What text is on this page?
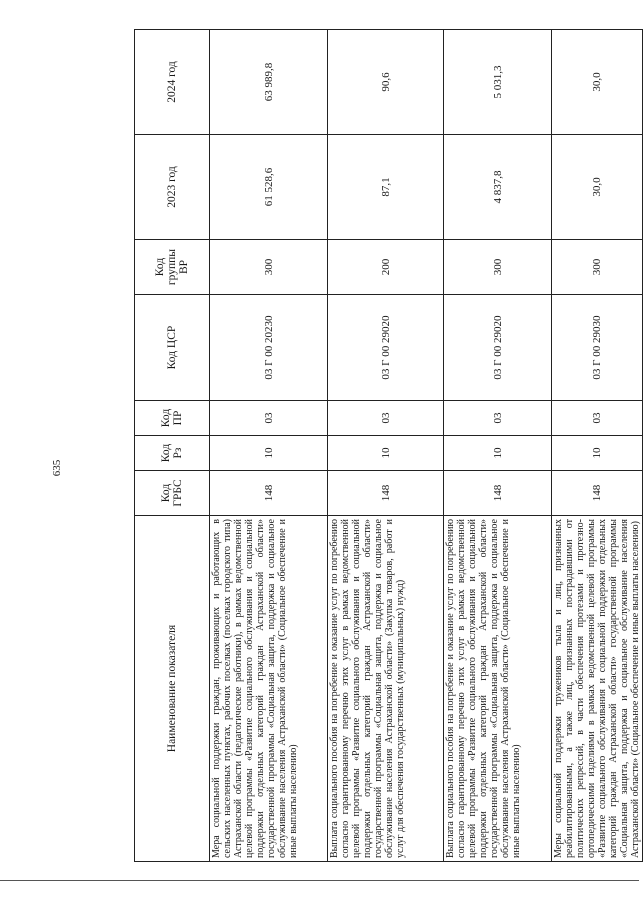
635
Наименование показателя	Код ГРБС	Код Рз	Код ПР	Код ЦСР	Код группы ВР	2023 год	2024 год
Мера социальной поддержки граждан, проживающих и работающих в сельских населенных пунктах, рабочих поселках (поселках городского типа) Астраханской области (педагогические работники), в рамках ведомственной целевой программы «Развитие социального обслуживания и социальной поддержки отдельных категорий граждан Астраханской области» государственной программы «Социальная защита, поддержка и социальное обслуживание населения Астраханской области» (Социальное обеспечение и иные выплаты населению)	148	10	03	03 Г 00 20230	300	61 528,6	63 989,8
Выплата социального пособия на погребение и оказание услуг по погребению согласно гарантированному перечню этих услуг в рамках ведомственной целевой программы «Развитие социального обслуживания и социальной поддержки отдельных категорий граждан Астраханской области» государственной программы «Социальная защита, поддержка и социальное обслуживание населения Астраханской области» (Закупка товаров, работ и услуг для обеспечения государственных (муниципальных) нужд)	148	10	03	03 Г 00 29020	200	87,1	90,6
Выплата социального пособия на погребение и оказание услуг по погребению согласно гарантированному перечню этих услуг в рамках ведомственной целевой программы «Развитие социального обслуживания и социальной поддержки отдельных категорий граждан Астраханской области» государственной программы «Социальная защита, поддержка и социальное обслуживание населения Астраханской области» (Социальное обеспечение и иные выплаты населению)	148	10	03	03 Г 00 29020	300	4 837,8	5 031,3
Меры социальной поддержки тружеников тыла и лиц, признанных реабилитированными, а также лиц, признанных пострадавшими от политических репрессий, в части обеспечения протезами и протезно-ортопедическими изделиями в рамках ведомственной целевой программы «Развитие социального обслуживания и социальной поддержки отдельных категорий граждан Астраханской области» государственной программы «Социальная защита, поддержка и социальное обслуживание населения Астраханской области» (Социальное обеспечение и иные выплаты населению)	148	10	03	03 Г 00 29030	300	30,0	30,0
